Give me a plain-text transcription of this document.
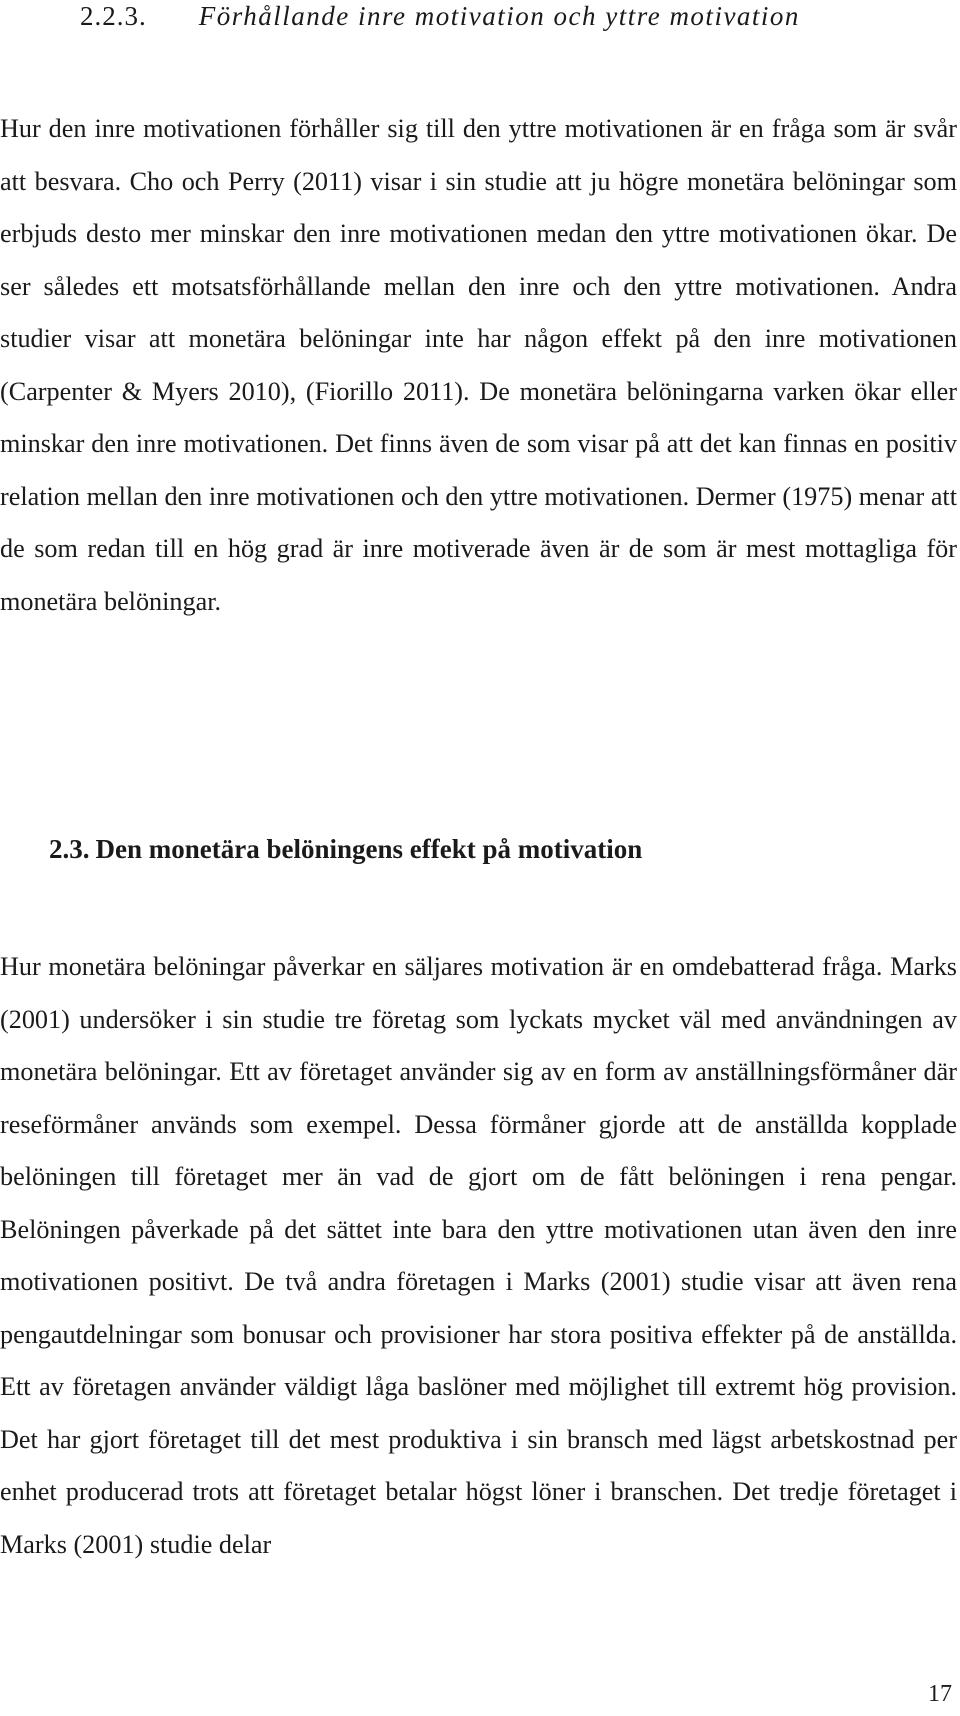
2.2.3. Förhållande inre motivation och yttre motivation

Hur den inre motivationen förhåller sig till den yttre motivationen är en fråga som är svår att besvara. Cho och Perry (2011) visar i sin studie att ju högre monetära belöningar som erbjuds desto mer minskar den inre motivationen medan den yttre motivationen ökar. De ser således ett motsatsförhållande mellan den inre och den yttre motivationen. Andra studier visar att monetära belöningar inte har någon effekt på den inre motivationen (Carpenter & Myers 2010), (Fiorillo 2011). De monetära belöningarna varken ökar eller minskar den inre motivationen. Det finns även de som visar på att det kan finnas en positiv relation mellan den inre motivationen och den yttre motivationen. Dermer (1975) menar att de som redan till en hög grad är inre motiverade även är de som är mest mottagliga för monetära belöningar.

2.3. Den monetära belöningens effekt på motivation

Hur monetära belöningar påverkar en säljares motivation är en omdebatterad fråga. Marks (2001) undersöker i sin studie tre företag som lyckats mycket väl med användningen av monetära belöningar. Ett av företaget använder sig av en form av anställningsförmåner där reseförmåner används som exempel. Dessa förmåner gjorde att de anställda kopplade belöningen till företaget mer än vad de gjort om de fått belöningen i rena pengar. Belöningen påverkade på det sättet inte bara den yttre motivationen utan även den inre motivationen positivt. De två andra företagen i Marks (2001) studie visar att även rena pengautdelningar som bonusar och provisioner har stora positiva effekter på de anställda. Ett av företagen använder väldigt låga baslöner med möjlighet till extremt hög provision. Det har gjort företaget till det mest produktiva i sin bransch med lägst arbetskostnad per enhet producerad trots att företaget betalar högst löner i branschen. Det tredje företaget i Marks (2001) studie delar

17
